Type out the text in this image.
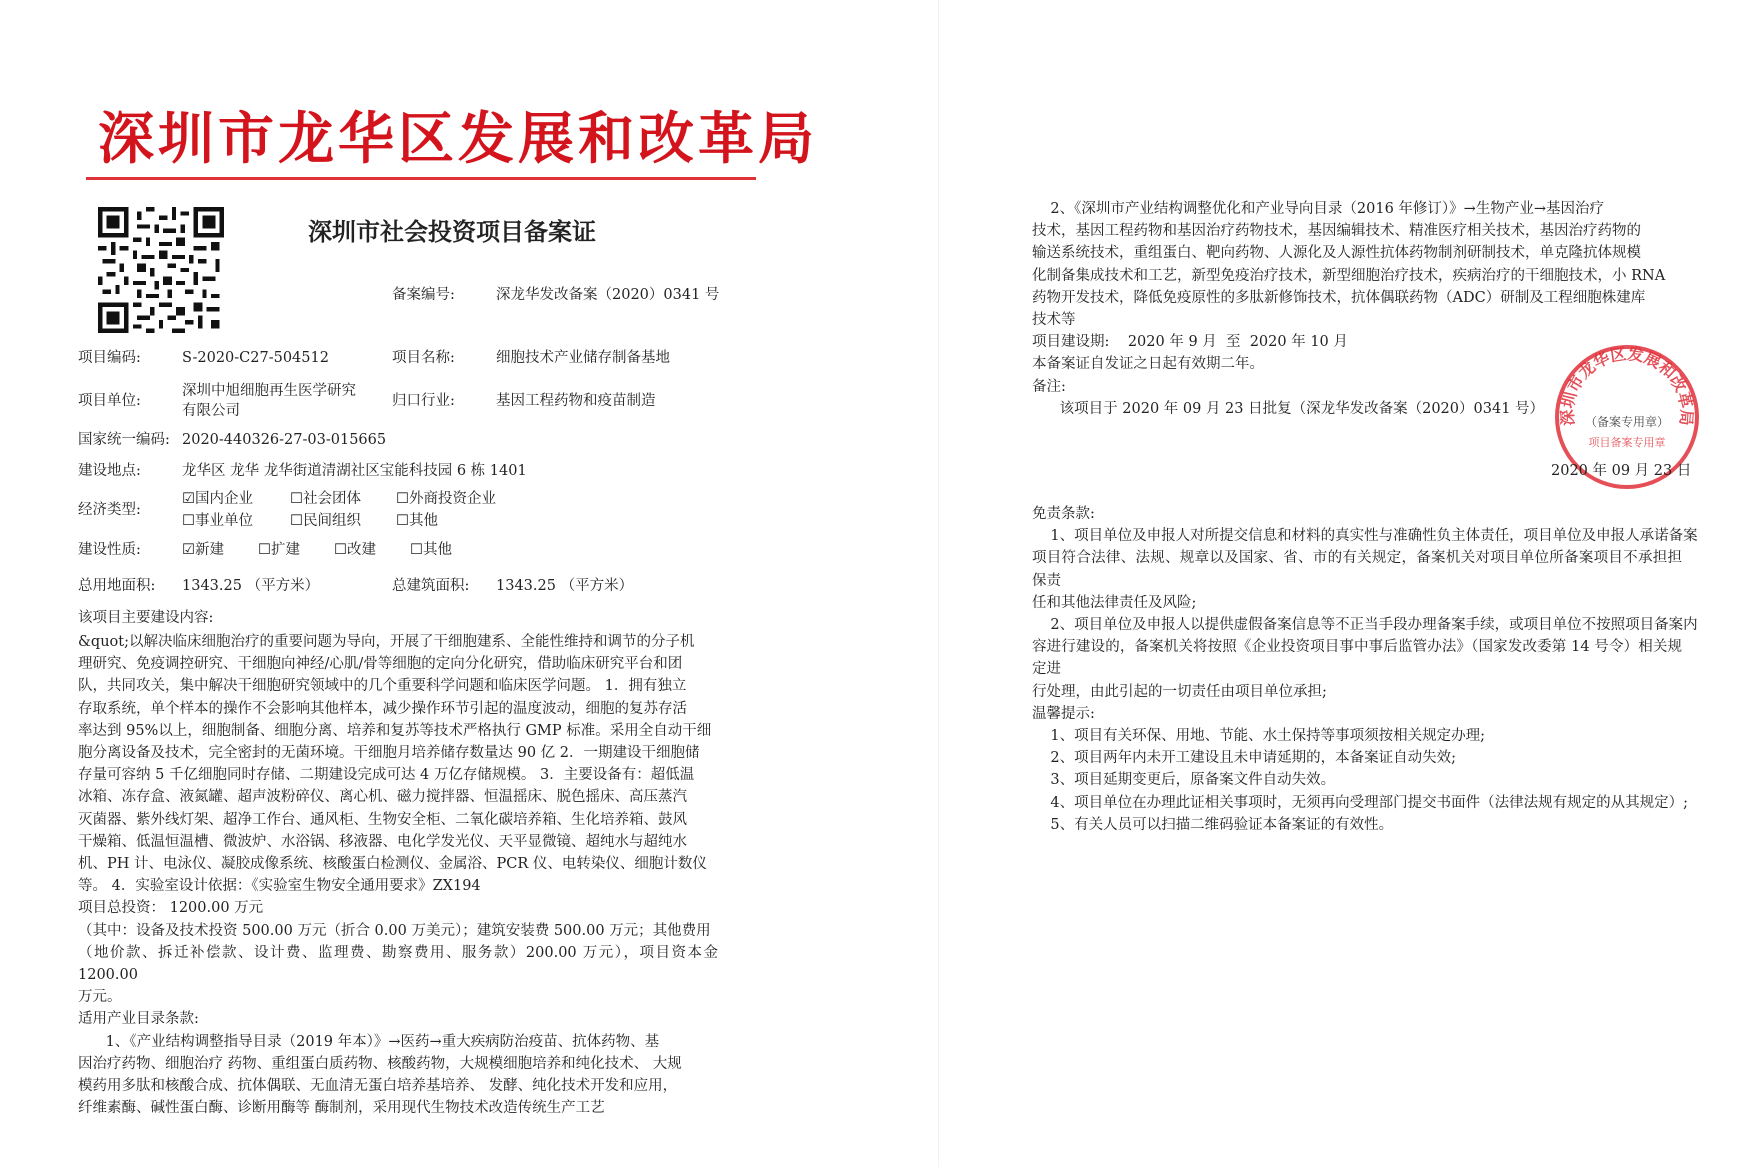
深圳市龙华区发展和改革局
深圳市社会投资项目备案证
备案编号:	深龙华发改备案（2020）0341 号
项目编码:	S-2020-C27-504512	项目名称:	细胞技术产业储存制备基地
项目单位:
深圳中旭细胞再生医学研究
有限公司
归口行业:	基因工程药物和疫苗制造
国家统一编码: 2020-440326-27-03-015665
建设地点:	龙华区 龙华 龙华街道清湖社区宝能科技园 6 栋 1401
经济类型:
☑国内企业	☐社会团体 ☐外商投资企业
☐事业单位	☐民间组织 ☐其他
建设性质:	☑新建 ☐扩建 ☐改建 ☐其他
总用地面积: 1343.25 （平方米）	总建筑面积: 1343.25 （平方米）
该项目主要建设内容:
&quot;以解决临床细胞治疗的重要问题为导向，开展了干细胞建系、全能性维持和调节的分子机
理研究、免疫调控研究、干细胞向神经/心肌/骨等细胞的定向分化研究，借助临床研究平台和团
队，共同攻关，集中解决干细胞研究领域中的几个重要科学问题和临床医学问题。 1．拥有独立
存取系统，单个样本的操作不会影响其他样本，减少操作环节引起的温度波动，细胞的复苏存活
率达到 95%以上，细胞制备、细胞分离、培养和复苏等技术严格执行 GMP 标准。采用全自动干细
胞分离设备及技术，完全密封的无菌环境。干细胞月培养储存数量达 90 亿 2．一期建设干细胞储
存量可容纳 5 千亿细胞同时存储、二期建设完成可达 4 万亿存储规模。 3．主要设备有：超低温
冰箱、冻存盒、液氮罐、超声波粉碎仪、离心机、磁力搅拌器、恒温摇床、脱色摇床、高压蒸汽
灭菌器、紫外线灯架、超净工作台、通风柜、生物安全柜、二氧化碳培养箱、生化培养箱、鼓风
干燥箱、低温恒温槽、微波炉、水浴锅、移液器、电化学发光仪、天平显微镜、超纯水与超纯水
机、PH 计、电泳仪、凝胶成像系统、核酸蛋白检测仪、金属浴、PCR 仪、电转染仪、细胞计数仪
等。 4．实验室设计依据：《实验室生物安全通用要求》ZX194
项目总投资： 1200.00 万元
（其中：设备及技术投资 500.00 万元（折合 0.00 万美元）；建筑安装费 500.00 万元；其他费用
（地价款、拆迁补偿款、设计费、监理费、勘察费用、服务款）200.00 万元），项目资本金 1200.00
万元。
适用产业目录条款:
1、《产业结构调整指导目录（2019 年本）》→医药→重大疾病防治疫苗、抗体药物、基
因治疗药物、细胞治疗 药物、重组蛋白质药物、核酸药物，大规模细胞培养和纯化技术、 大规
模药用多肽和核酸合成、抗体偶联、无血清无蛋白培养基培养、 发酵、纯化技术开发和应用，
纤维素酶、碱性蛋白酶、诊断用酶等 酶制剂，采用现代生物技术改造传统生产工艺
2、《深圳市产业结构调整优化和产业导向目录（2016 年修订）》→生物产业→基因治疗
技术，基因工程药物和基因治疗药物技术，基因编辑技术、精准医疗相关技术，基因治疗药物的
输送系统技术，重组蛋白、靶向药物、人源化及人源性抗体药物制剂研制技术，单克隆抗体规模
化制备集成技术和工艺，新型免疫治疗技术，新型细胞治疗技术，疾病治疗的干细胞技术，小 RNA
药物开发技术，降低免疫原性的多肽新修饰技术，抗体偶联药物（ADC）研制及工程细胞株建库
技术等
项目建设期:    2020 年 9 月  至  2020 年 10 月
本备案证自发证之日起有效期二年。
备注:
该项目于 2020 年 09 月 23 日批复（深龙华发改备案（2020）0341 号）
深圳市龙华区发展和改革局
（备案专用章）
项目备案专用章
2020 年 09 月 23 日
免责条款:
1、项目单位及申报人对所提交信息和材料的真实性与准确性负主体责任，项目单位及申报人承诺备案
项目符合法律、法规、规章以及国家、省、市的有关规定，备案机关对项目单位所备案项目不承担担保责
任和其他法律责任及风险;
2、项目单位及申报人以提供虚假备案信息等不正当手段办理备案手续，或项目单位不按照项目备案内
容进行建设的，备案机关将按照《企业投资项目事中事后监管办法》（国家发改委第 14 号令）相关规定进
行处理，由此引起的一切责任由项目单位承担;
温馨提示:
1、项目有关环保、用地、节能、水土保持等事项须按相关规定办理;
2、项目两年内未开工建设且未申请延期的，本备案证自动失效;
3、项目延期变更后，原备案文件自动失效。
4、项目单位在办理此证相关事项时，无须再向受理部门提交书面件（法律法规有规定的从其规定）;
5、有关人员可以扫描二维码验证本备案证的有效性。
